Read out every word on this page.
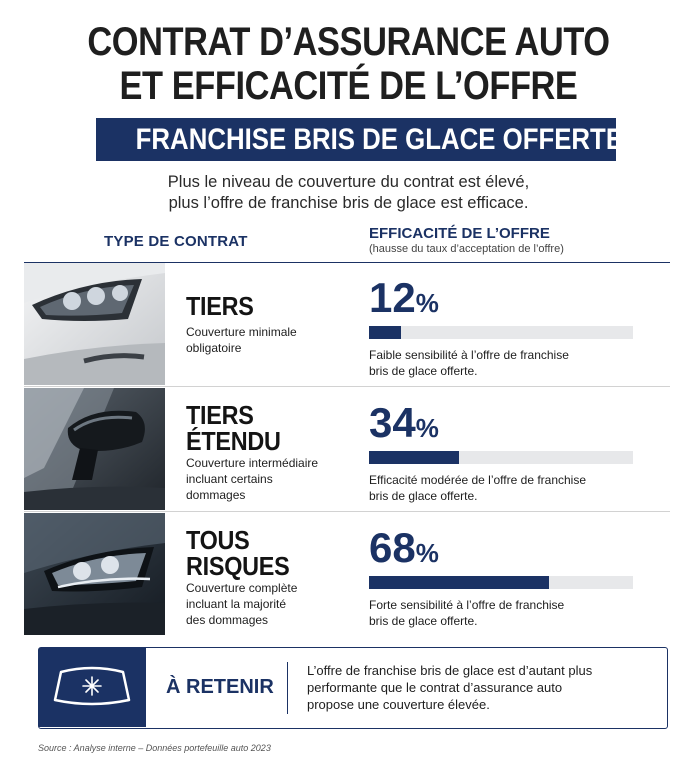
CONTRAT D’ASSURANCE AUTO
ET EFFICACITÉ DE L’OFFRE
FRANCHISE BRIS DE GLACE OFFERTE
Plus le niveau de couverture du contrat est élevé,
plus l’offre de franchise bris de glace est efficace.
TYPE DE CONTRAT	EFFICACITÉ DE L’OFFRE
(hausse du taux d’acceptation de l’offre)
TIERS
Couverture minimale
obligatoire
12%
Faible sensibilité à l’offre de franchise
bris de glace offerte.
TIERS
ÉTENDU
Couverture intermédiaire
incluant certains
dommages
34%
Efficacité modérée de l’offre de franchise
bris de glace offerte.
TOUS
RISQUES
Couverture complète
incluant la majorité
des dommages
68%
Forte sensibilité à l’offre de franchise
bris de glace offerte.
À RETENIR
L’offre de franchise bris de glace est d’autant plus
performante que le contrat d’assurance auto
propose une couverture élevée.
Source : Analyse interne – Données portefeuille auto 2023
